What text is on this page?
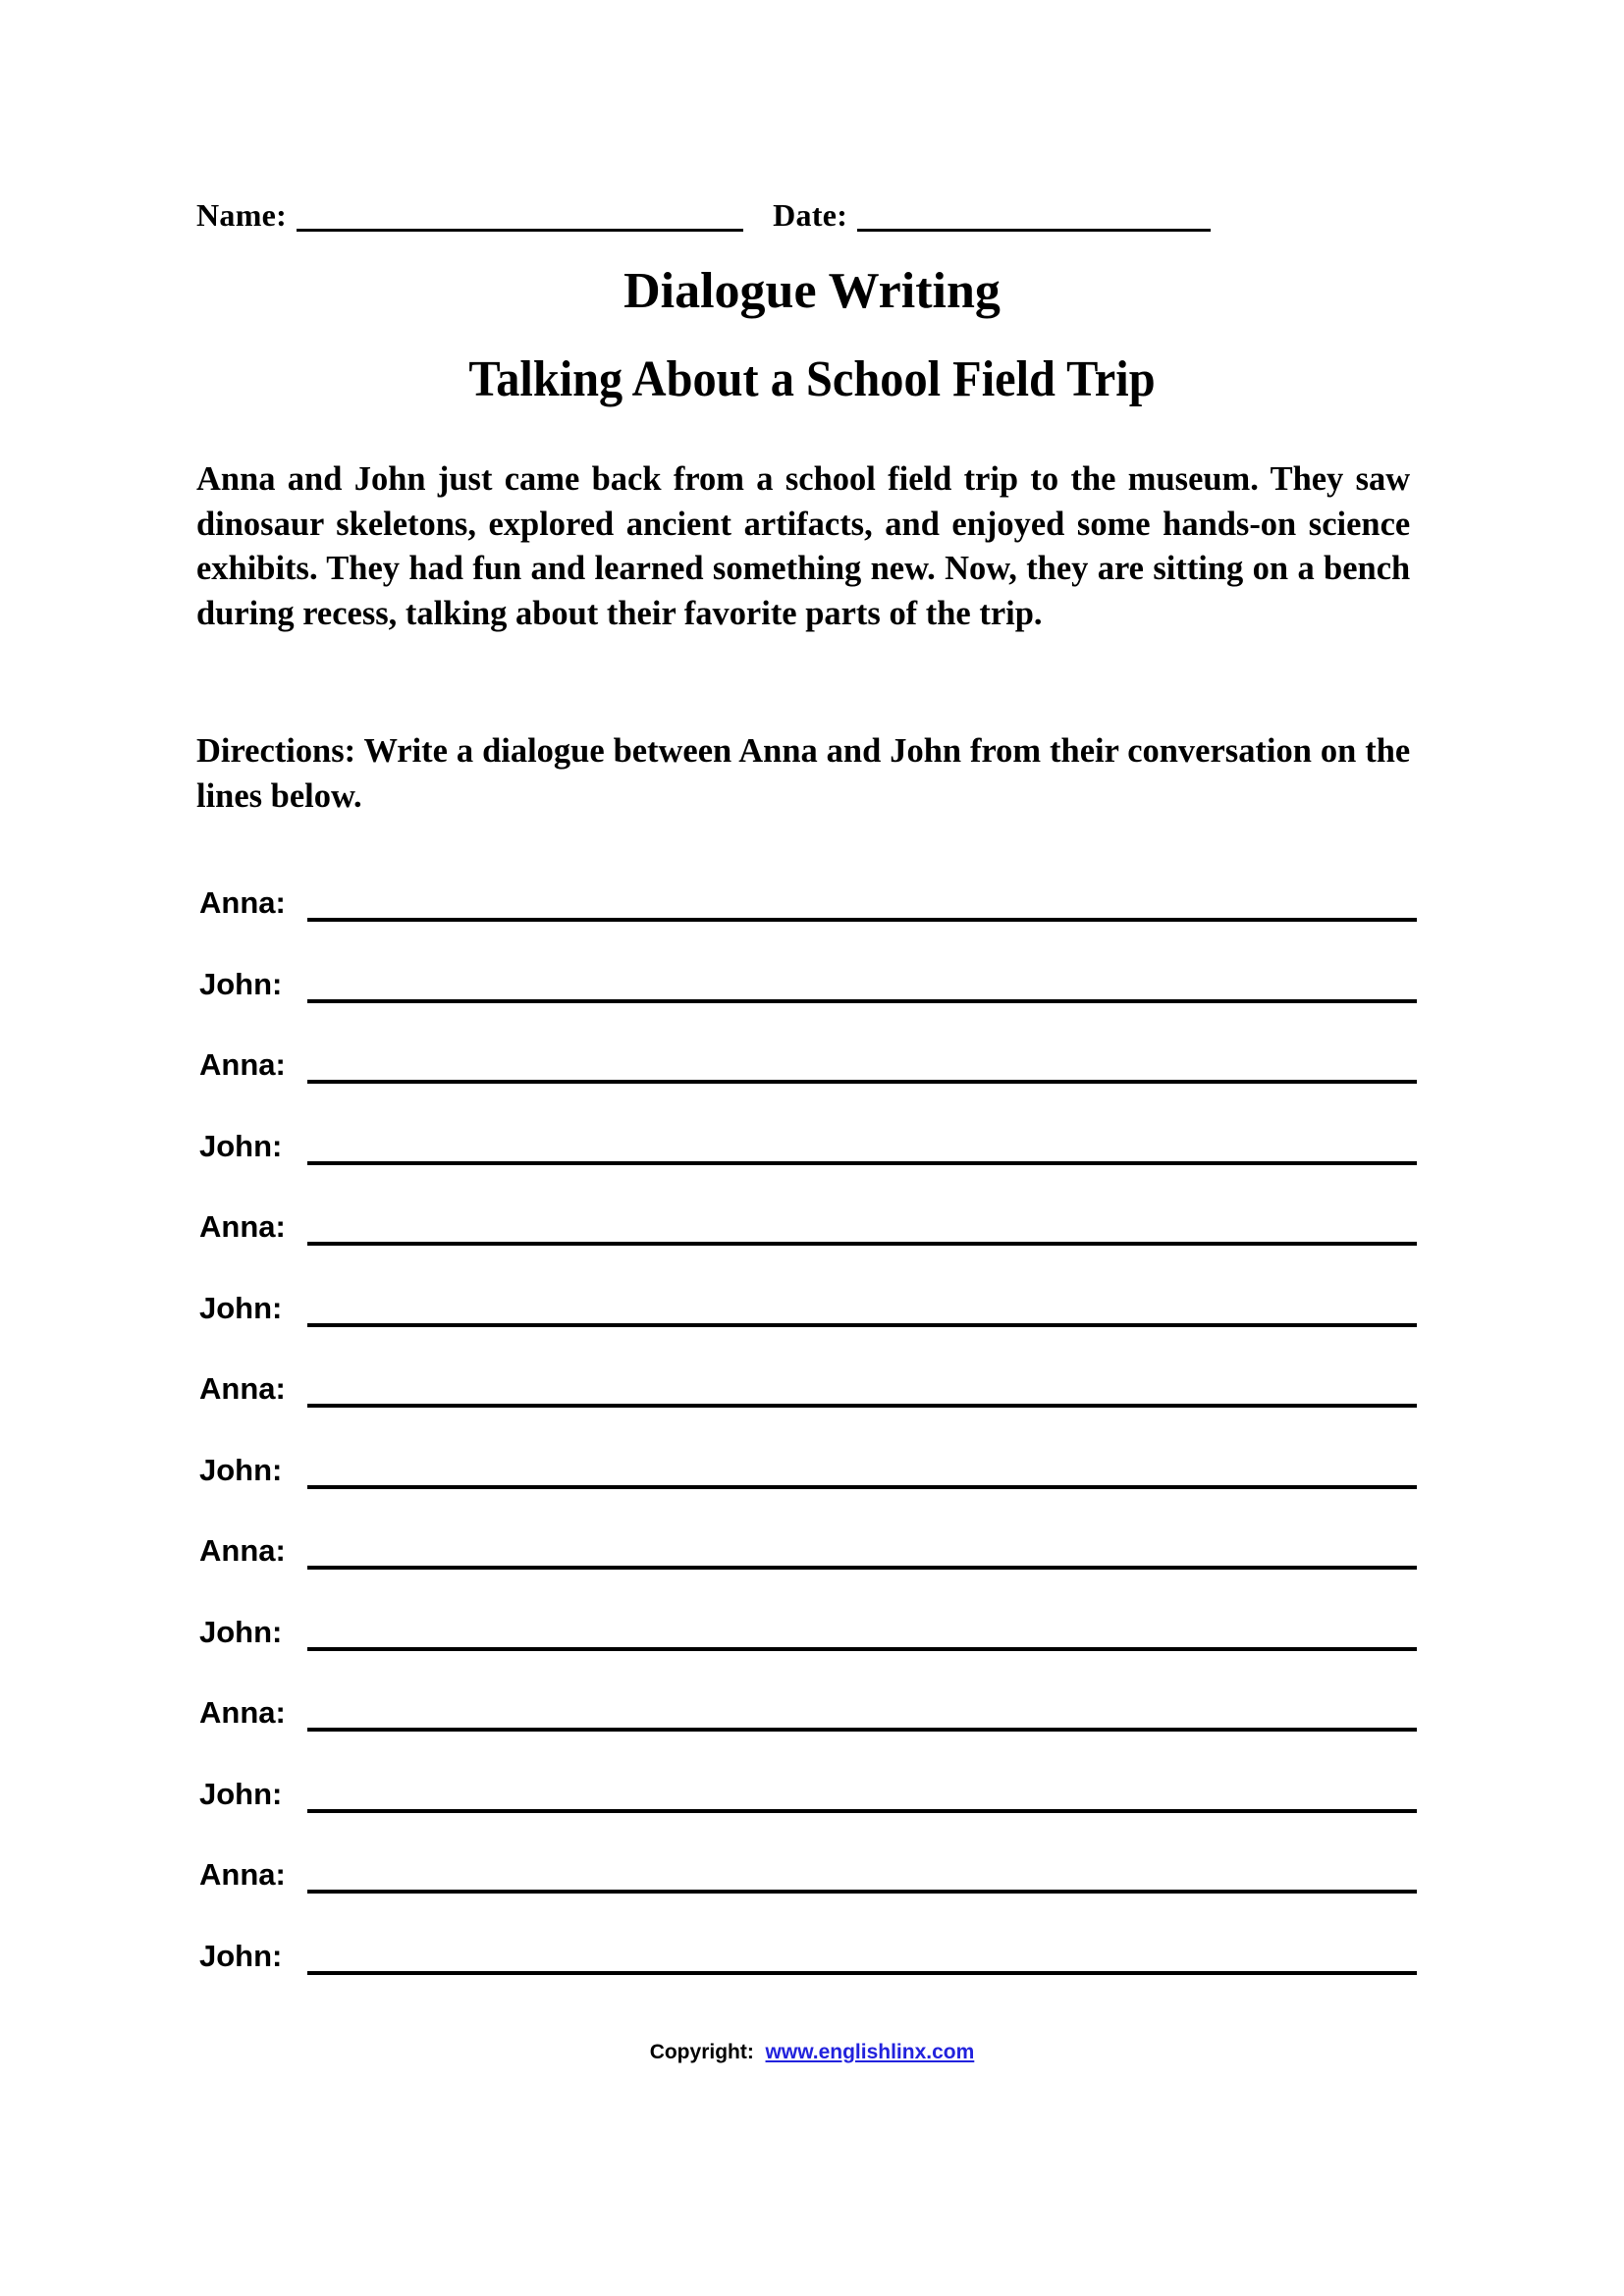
Name:	Date:
Dialogue Writing
Talking About a School Field Trip
Anna and John just came back from a school field trip to the museum. They saw dinosaur skeletons, explored ancient artifacts, and enjoyed some hands-on science exhibits. They had fun and learned something new. Now, they are sitting on a bench during recess, talking about their favorite parts of the trip.
Directions: Write a dialogue between Anna and John from their conversation on the lines below.
Anna:
John:
Anna:
John:
Anna:
John:
Anna:
John:
Anna:
John:
Anna:
John:
Anna:
John:
Copyright: www.englishlinx.com
